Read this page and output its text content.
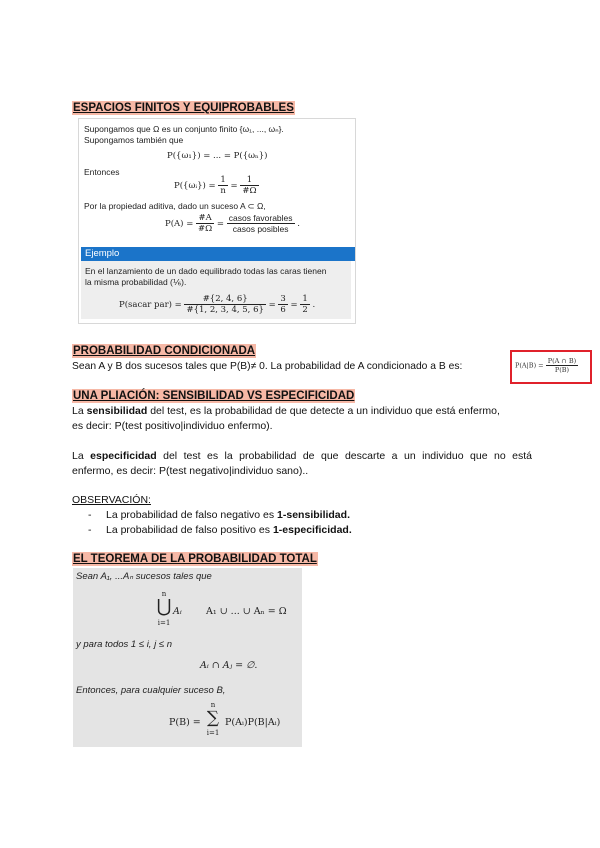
ESPACIOS FINITOS Y EQUIPROBABLES
Supongamos que Ω es un conjunto finito {ω₁, ..., ωₙ}.
Supongamos también que
P({ω₁}) = ... = P({ωₙ})
Entonces
P({ωᵢ}) = $\frac{1}{n} = \frac{1}{\#\Omega}$
Por la propiedad aditiva, dado un suceso A ⊂ Ω,
$P(A) = \frac{\#A}{\#\Omega} = \frac{\text{casos favorables}}{\text{casos posibles}}$ .
Ejemplo
En el lanzamiento de un dado equilibrado todas las caras tienen
la misma probabilidad (⅙).
P(sacar $par) = \frac{\#\{2, 4, 6\}}{\#\{1, 2, 3, 4, 5, 6\}} = \frac{3}{6} = \frac{1}{2}$ .
PROBABILIDAD CONDICIONADA
Sean A y B dos sucesos tales que P(B)≠ 0. La probabilidad de A condicionado a B es:	$P(A|B) = \frac{P(A \cap B)}{P(B)}$
UNA PLIACIÓN: SENSIBILIDAD VS ESPECIFICIDAD
La sensibilidad del test, es la probabilidad de que detecte a un individuo que está enfermo,
es decir: P(test positivo|individuo enfermo).
La especificidad del test es la probabilidad de que descarte a un individuo que no está
enfermo, es decir: P(test negativo|individuo sano)..
OBSERVACIÓN:
- La probabilidad de falso negativo es 1-sensibilidad.
- La probabilidad de falso positivo es 1-especificidad.
EL TEOREMA DE LA PROBABILIDAD TOTAL
Sean A₁, ...Aₙ sucesos tales que
n
⋃
i=1
Aᵢ	A₁ ∪ ... ∪ Aₙ = Ω
y para todos 1 ≤ i, j ≤ n
Aᵢ ∩ Aⱼ = ∅.
Entonces, para cualquier suceso B,
P(B) =
n
∑
i=1
P(Aᵢ)P(B|Aᵢ)
